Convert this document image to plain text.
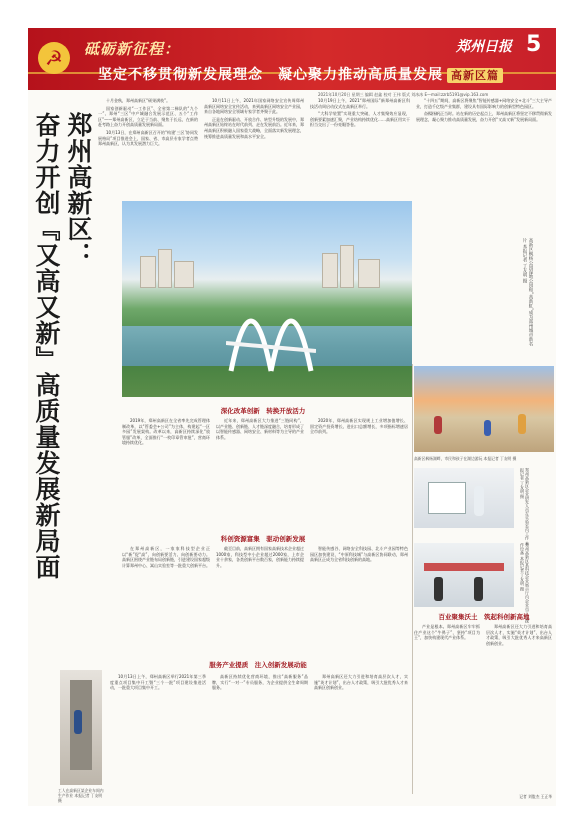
☭	砥砺新征程：
坚定不移贯彻新发展理念　凝心聚力推动高质量发展 高新区篇
郑州日报 5
2021年10月20日 星期三 编辑 赵鑫 校对 王伟 版式 刘冰冰 E—mail:zzrb5191@vip.163.com
郑州高新区：
奋力开创『又高又新』高质量发展新局面

十月金秋，郑州高新区“硕果满枝”。

国家创新驱动“一工作区”、全省第二梯队的“九个一”、郑州“三区”中产城融合发展示范区、五个“工作区”——郑州高新区，立足于当前、聚焦于长远，在新的赶考路上奋力开创高质量发展新局面。

10月13日，在郑州高新区召开的“构建‘三区’协同发展格局”项目推进会上，国家、省、市高层专家学者点赞郑州高新区，认为其发展潜力巨大。

10月11日上午，2021年国家网络安全宣传周郑州高新区网络安全宣传活动，来到高新区网络安全产业园，来自各地网络安全领域专家学者齐聚于此。

正是在创新驱动、开放合作、转型升级的发展中，郑州高新区始终站在时代前列、走在发展前沿。近年来，郑州高新区积极融入国家重大战略，全面落实新发展理念，统筹推进高质量发展和高水平安全。

10月19日上午，2021“郑州国际”新郑州高新区科技活动周启动仪式在高新区举行。

“大科学装置”实现重大突破，人才集聚效应显现，创新要素加速汇聚，产业结构持续优化……高新区用实干担当交出了一份亮眼答卷。

“十四五”期间，高新区将聚焦“智能传感器+网络安全+北斗”三大主导产业，打造千亿级产业集群，建设具有国际影响力的创新型特色园区。

奋楫扬帆正当时。站在新的历史起点上，郑州高新区将坚定不移贯彻新发展理念，凝心聚力推动高质量发展，奋力开创“又高又新”发展新局面。

高新区枫杨公园湿地公园和“高新虹”成为郑州城市新名片 本报记者 丁友明 摄
深化改革创新　转换开放活力

2019年，郑州高新区在全省率先完成管理体制改革，以“管委会+公司”为主体，构建起“一区多园”发展架构。改革以来，高新区持续深化“放管服”改革，全面推行“一枚印章管审批”，营商环境持续优化。

近年来，郑州高新区大力推进“三链同构”，以产业链、创新链、人才链深度融合，培育形成了以智能传感器、网络安全、新材料等为主导的产业体系。

2020年，郑州高新区实现规上工业增加值增长、固定资产投资增长、进出口总额增长，多项指标增速居全市前列。

高新区枫杨湖畔，市民和孩子在湖边游玩 本报记者 丁友明 摄
郑州高新区企业研发人员在实验室内工作 本报记者 丁友明 摄
郑州高新区某科技企业展示厅内企业员工在操作设备 本报记者 丁友明 摄
科创资源富集　驱动创新发展

在郑州高新区，一家家科技型企业正以“新”促“高”，向创新要活力、向创新要动力。高新区围绕产业链布局创新链，引进建设国家超级计算郑州中心、嵩山实验室等一批重大创新平台。

截至目前，高新区拥有国家高新技术企业超过1000家，科技型中小企业超过2000家，上市企业十余家，各类创新平台数百家，创新能力持续提升。

智能传感谷、网络安全科技园、北斗产业园等特色园区加快建设，“中原科技城”与高新区协同联动，郑州高新区正成为全省科技创新的高地。

百业聚集沃土　筑起科创新高地

产业是根本。郑州高新区牢牢抓住产业这个“牛鼻子”，坚持“项目为王”，加快构建现代产业体系。

郑州高新区还大力引进和培育高层次人才，实施“英才计划”，出台人才政策，吸引大批优秀人才来高新区创新创业。

记者 刘俊杰 王正华
工人在高新区某企业车间内生产作业 本报记者 丁友明 摄
服务产业提质　注入创新发展动能

10月13日上午，郑州高新区举行2021年第三季度重点项目集中开工暨“三个一批”项目建设推进活动，一批重大项目集中开工。

高新区持续优化营商环境，推出“高新服务”品牌，实行“一对一”专员服务，为企业提供全生命周期服务。

郑州高新区还大力引进和培育高层次人才，实施“英才计划”，出台人才政策，吸引大批优秀人才来高新区创新创业。
